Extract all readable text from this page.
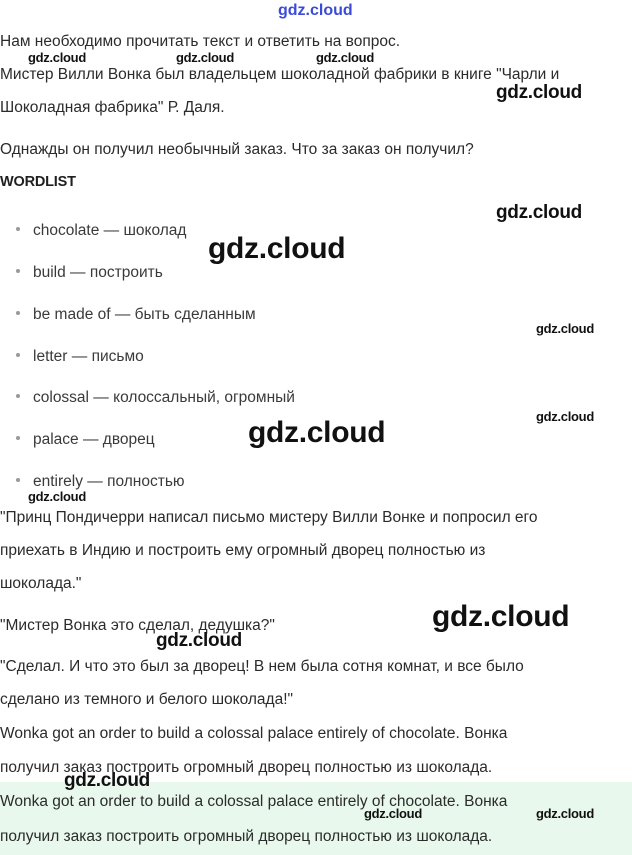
gdz.cloud
Нам необходимо прочитать текст и ответить на вопрос.
Мистер Вилли Вонка был владельцем шоколадной фабрики в книге "Чарли и
Шоколадная фабрика" Р. Даля.
Однажды он получил необычный заказ. Что за заказ он получил?
WORDLIST
chocolate — шоколад
build — построить
be made of — быть сделанным
letter — письмо
colossal — колоссальный, огромный
palace — дворец
entirely — полностью
"Принц Пондичерри написал письмо мистеру Вилли Вонке и попросил его
приехать в Индию и построить ему огромный дворец полностью из
шоколада."
"Мистер Вонка это сделал, дедушка?"
"Сделал. И что это был за дворец! В нем была сотня комнат, и все было
сделано из темного и белого шоколада!"
Wonka got an order to build a colossal palace entirely of chocolate. Вонка
получил заказ построить огромный дворец полностью из шоколада.
Wonka got an order to build a colossal palace entirely of chocolate. Вонка
получил заказ построить огромный дворец полностью из шоколада.
gdz.cloud	gdz.cloud	gdz.cloud
gdz.cloud
gdz.cloud
gdz.cloud
gdz.cloud
gdz.cloud
gdz.cloud
gdz.cloud
gdz.cloud
gdz.cloud
gdz.cloud
gdz.cloud	gdz.cloud
